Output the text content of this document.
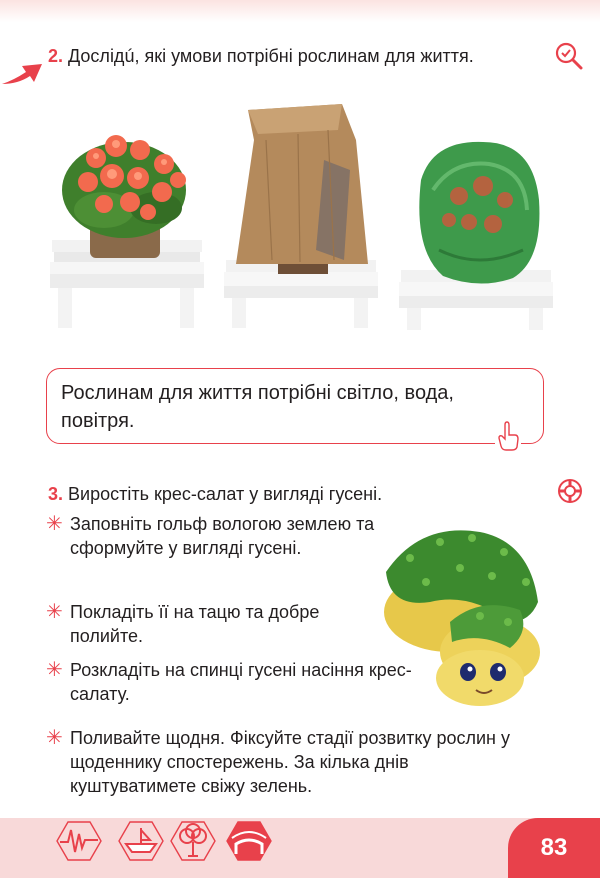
2. Дослідú, які умови потрібні рослинам для життя.
Рослинам для життя потрібні світло, вода, повітря.
3. Виростіть крес-салат у вигляді гусені.
✳ Заповніть гольф вологою землею та сформуйте у вигляді гусені.
✳ Покладіть її на тацю та добре полийте.
✳ Розкладіть на спинці гусені насіння крес-салату.
✳ Поливайте щодня. Фіксуйте стадії розвитку рослин у щоденнику спостережень. За кілька днів куштуватимете свіжу зелень.
83
